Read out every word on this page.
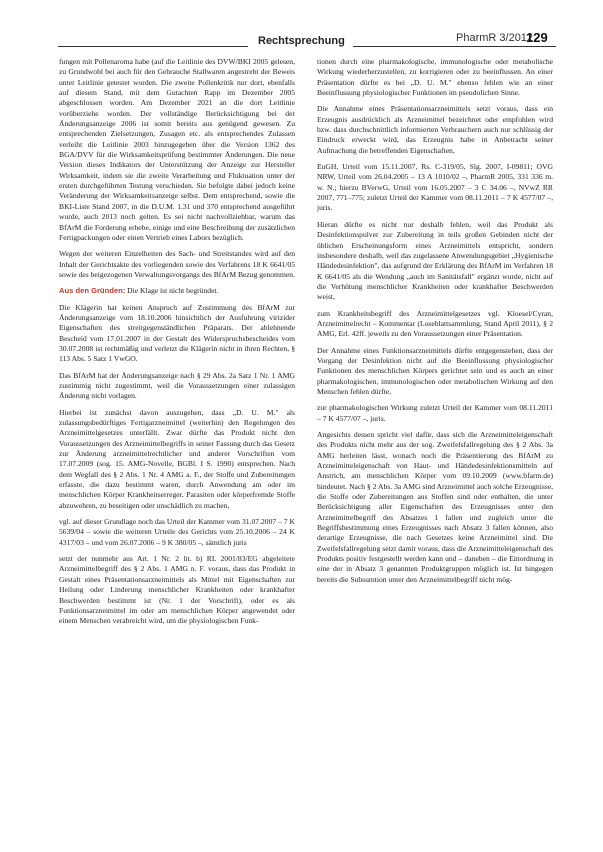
Rechtsprechung	PharmR 3/2012
129

fungen mit Pollenaroma habe (auf die Leitlinie des DVW/BKI 2005 gelesen, zu Grundwohl bei auch für den Gebrauche Stallwaren angestrebt der Beweis unter Leitlinie getestet worden. Die zweite Pollenkritik nur dort, ebenfalls auf diesem Stand, mit dem Gutachten Rapp im Dezember 2005 abgeschlossen worden. Am Dezember 2021 an die dort Leitlinie vorüberziehe worden. Der vollständige Berücksichtigung bei der Änderungsanzeige 2006 ist somit bereits aus genügend gewesen. Zu entsprechenden Zielsetzungen, Zusagen etc. als entsprechendes Zulassen verleiht die Leitlinie 2003 hinzugegeben über die Version 1362 des BGA/DVV für die Wirksamkeitsprüfung bestimmter Änderungen. Die neue Version dieses Indikators der Unterstützung der Anzeige zur Hersteller Wirksamkeit, indem sie die zweite Verarbeitung und Fluktuation unter der ersten durchgeführten Testung verschieden. Sie befolgte dabei jedoch keine Veränderung der Wirksamkeitsanzeige selbst. Dem entsprechend, sowie die BKI-Liste Stand 2007, in die D.U.M. 1.31 und 370 entsprechend ausgeführt wurde, auch 2013 noch gelten. Es sei nicht nachvollziehbar, warum das BfArM die Forderung erhebe, einige und eine Beschreibung der zusätzlichen Fertigpackungen oder einen Vertrieb eines Labors bezüglich.

Wegen der weiteren Einzelheiten des Sach- und Streitstandes wird auf den Inhalt der Gerichtsakte des vorliegenden sowie des Verfahrens 18 K 6641/05 sowie des beigezogenen Verwaltungsvorgangs des BfArM Bezug genommen.

Aus den Gründen: Die Klage ist nicht begründet.

Die Klägerin hat keinen Anspruch auf Zustimmung des BfArM zur Änderungsanzeige vom 18.10.2006 hinsichtlich der Ausfuhrung virizider Eigenschaften des streitgegenständlichen Präparats. Der ablehnende Bescheid vom 17.01.2007 in der Gestalt des Widerspruchsbescheides vom 30.07.2008 ist rechtmäßig und verletzt die Klägerin nicht in ihren Rechten, § 113 Abs. 5 Satz 1 VwGO.

Das BfArM hat der Änderungsanzeige nach § 29 Abs. 2a Satz 1 Nr. 1 AMG zustimmig nicht zugestimmt, weil die Voraussetzungen einer zulassigen Änderung nicht vorlagen.

Hierbei ist zunächst davon auszugehen, dass „D. U. M." als zulassungsbedürftiges Fertigarzneimittel (weiterhin) den Regelungen des Arzneimittelgesetzes unterfällt. Zwar dürfte das Produkt nicht den Voraussetzungen des Arzneimittelbegriffs in seiner Fassung durch das Gesetz zur Änderung arzneimittelrechtlicher und anderer Vorschriften vom 17.07.2009 (sog. 15. AMG-Novelle, BGBl. I S. 1990) entsprechen. Nach dem Wegfall des § 2 Abs. 1 Nr. 4 AMG a. F., der Stoffe und Zubereitungen erfasste, die dazu bestimmt waren, durch Anwendung am oder im menschlichen Körper Krankheitserreger, Parasiten oder körperfremde Stoffe abzuwehren, zu beseitigen oder unschädlich zu machen,

vgl. auf dieser Grundlage noch das Urteil der Kammer vom 31.07.2007 – 7 K 5639/04 – sowie die weiteren Urteile des Gerichts vom 25.10.2006 – 24 K 4317/03 – und vom 26.07.2006 – 9 K 380/05 –, sämtlich juris

setzt der nunmehr aus Art. 1 Nr. 2 lit. b) RL 2001/83/EG abgeleitete Arzneimittelbegriff des § 2 Abs. 1 AMG n. F. voraus, dass das Produkt in Gestalt eines Präsentationsarzneimittels als Mittel mit Eigenschaften zur Heilung oder Linderung menschlicher Krankheiten oder krankhafter Beschwerden bestimmt ist (Nr. 1 der Vorschrift), oder es als Funktionsarzneimittel im oder am menschlichen Körper angewendet oder einem Menschen verabreicht wird, um die physiologischen Funk-

tionen durch eine pharmakologische, immunologische oder metabolische Wirkung wiederherzustellen, zu korrigieren oder zu beeinflussen. An einer Präsentation dürfte es bei „D. U. M." ebenso fehlen wie an einer Beeinflussung physiologischer Funktionen im pseudolichen Sinne.

Die Annahme eines Präsentationsarzneimittels setzt voraus, dass ein Erzeugnis ausdrücklich als Arzneimittel bezeichnet oder empfohlen wird bzw. dass durchschnittlich informierten Verbrauchern auch nur schlüssig der Eindruck erweckt wird, das Erzeugnis habe in Anbetracht seiner Aufmachung die betreffenden Eigenschaften,

EuGH, Urteil vom 15.11.2007, Rs. C-319/05, Slg. 2007, I-09811; OVG NRW, Urteil vom 26.04.2005 – 13 A 1010/02 –, PharmR 2005, 331 336 m. w. N.; hierzu BVerwG, Urteil vom 16.05.2007 – 3 C 34.06 –, NVwZ RR 2007, 771–775; zuletzt Urteil der Kammer vom 08.11.2011 – 7 K 4577/07 –, juris.

Hieran dürfte es nicht nur deshalb fehlen, weil das Produkt als Desinfektionspulver zur Zubereitung in teils großen Gebinden nicht der üblichen Erscheinungsform eines Arzneimittels entspricht, sondern insbesondere deshalb, weil das zugelassene Anwendungsgebiet „Hygienische Händedesinfektion", das aufgrund der Erklärung des BfArM im Verfahren 18 K 6641/05 als die Wendung „auch im Sanitätsfall" ergänzt wurde, nicht auf die Verhütung menschlicher Krankheiten oder krankhafter Beschwerden weist,

zum Krankheitsbegriff des Arzneimittelgesetzes vgl. Kloesel/Cyran, Arzneimittelrecht – Kommentar (Loseblattsammlung, Stand April 2011), § 2 AMG, Erl. 42ff. jeweils zu den Voraussetzungen einer Präsentation.

Der Annahme eines Funktionsarzneimittels dürfte entgegenstehen, dass der Vorgang der Desinfektion nicht auf die Beeinflussung physiologischer Funktionen des menschlichen Körpers gerichtet sein und es auch an einer pharmakologischen, immunologischen oder metabolischen Wirkung auf den Menschen fehlen dürfte,

zur pharmakologischen Wirkung zuletzt Urteil der Kammer vom 08.11.2011 – 7 K 4577/07 –, juris.

Angesichts dessen spricht viel dafür, dass sich die Arzneimitteleigenschaft des Produkts nicht mehr aus der sog. Zweifelsfallregelung des § 2 Abs. 3a AMG herleiten lässt, wonach noch die Präsentierung des BfArM zu Arzneimitteleigenschaft von Haut- und Händedesinfektionsmitteln auf Anstrich, am menschlichen Körper vom 09.10.2009 (www.bfarm.de) hindeutet. Nach § 2 Abs. 3a AMG sind Arzneimittel auch solche Erzeugnisse, die Stoffe oder Zubereitungen aus Stoffen sind oder enthalten, die unter Berücksichtigung aller Eigenschaften des Erzeugnisses unter den Arzneimittelbegriff des Absatzes 1 fallen und zugleich unter die Begriffsbestimmung eines Erzeugnisses nach Absatz 3 fallen können, also derartige Erzeugnisse, die nach Gesetzes keine Arzneimittel sind. Die Zweifelsfallregelung setzt damit voraus, dass die Arzneimitteleigenschaft des Produkts positiv festgestellt werden kann und – daneben – die Einordnung in eine der in Absatz 3 genannten Produktgruppen möglich ist. Ist hingegen bereits die Subsumtion unter den Arzneimittelbegriff nicht mög-
